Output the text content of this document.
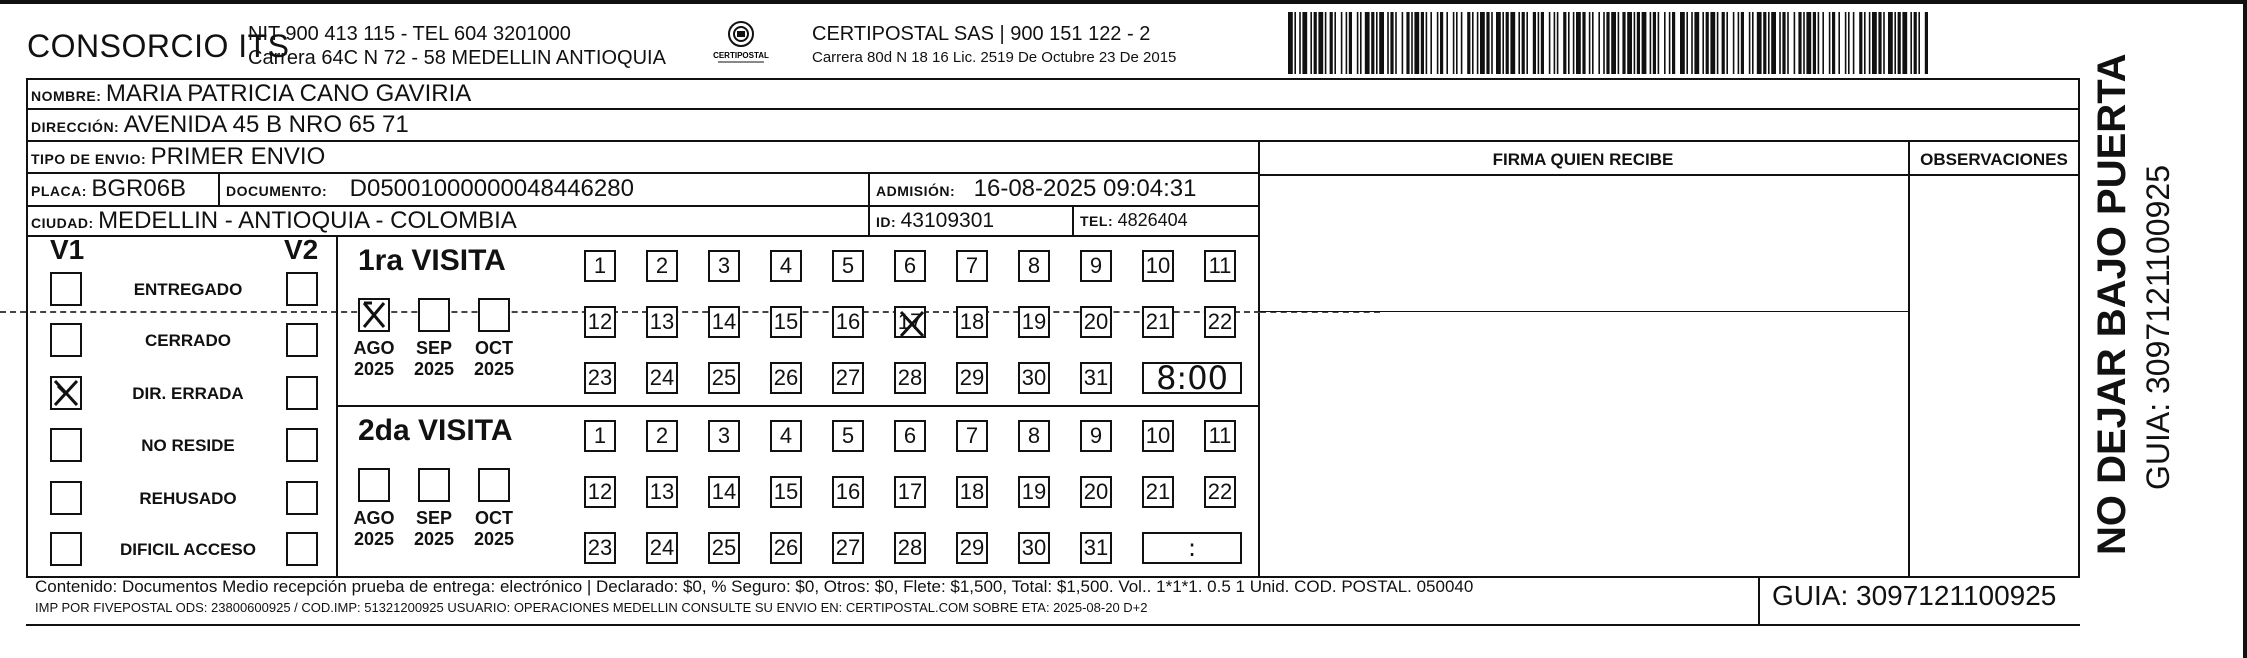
CONSORCIO ITS
NIT 900 413 115 - TEL 604 3201000
Carrera 64C N 72 - 58 MEDELLIN ANTIOQUIA	CERTIPOSTAL
CERTIPOSTAL SAS | 900 151 122 - 2
Carrera 80d N 18 16 Lic. 2519 De Octubre 23 De 2015
NOMBRE: MARIA PATRICIA CANO GAVIRIA
DIRECCIÓN: AVENIDA 45 B NRO 65 71
TIPO DE ENVIO: PRIMER ENVIO
PLACA: BGR06B	DOCUMENTO: D05001000000048446280	ADMISIÓN: 16-08-2025 09:04:31
CIUDAD: MEDELLIN - ANTIOQUIA - COLOMBIA	ID: 43109301	TEL: 4826404
FIRMA QUIEN RECIBE	OBSERVACIONES
V1	V2
ENTREGADO
CERRADO
DIR. ERRADA
NO RESIDE
REHUSADO
DIFICIL ACCESO
1ra VISITA
AGO
2025
SEP
2025
OCT
2025
1	2	3	4	5	6	7	8	9	10 11
12 13 14 15 16 17 18 19 20 21 22
23 24 25 26 27 28 29 30 31	8:00
2da VISITA
AGO
2025
SEP
2025
OCT
2025
1	2	3	4	5	6	7	8	9	10 11
12 13 14 15 16 17 18 19 20 21 22
23 24 25 26 27 28 29 30 31	:
Contenido: Documentos Medio recepción prueba de entrega: electrónico | Declarado: $0, % Seguro: $0, Otros: $0, Flete: $1,500, Total: $1,500. Vol.. 1*1*1. 0.5 1 Unid. COD. POSTAL. 050040
IMP POR FIVEPOSTAL ODS: 23800600925 / COD.IMP: 51321200925 USUARIO: OPERACIONES MEDELLIN CONSULTE SU ENVIO EN: CERTIPOSTAL.COM SOBRE ETA: 2025-08-20 D+2	GUIA: 3097121100925
NO DEJAR BAJO PUERTA GUIA: 3097121100925
